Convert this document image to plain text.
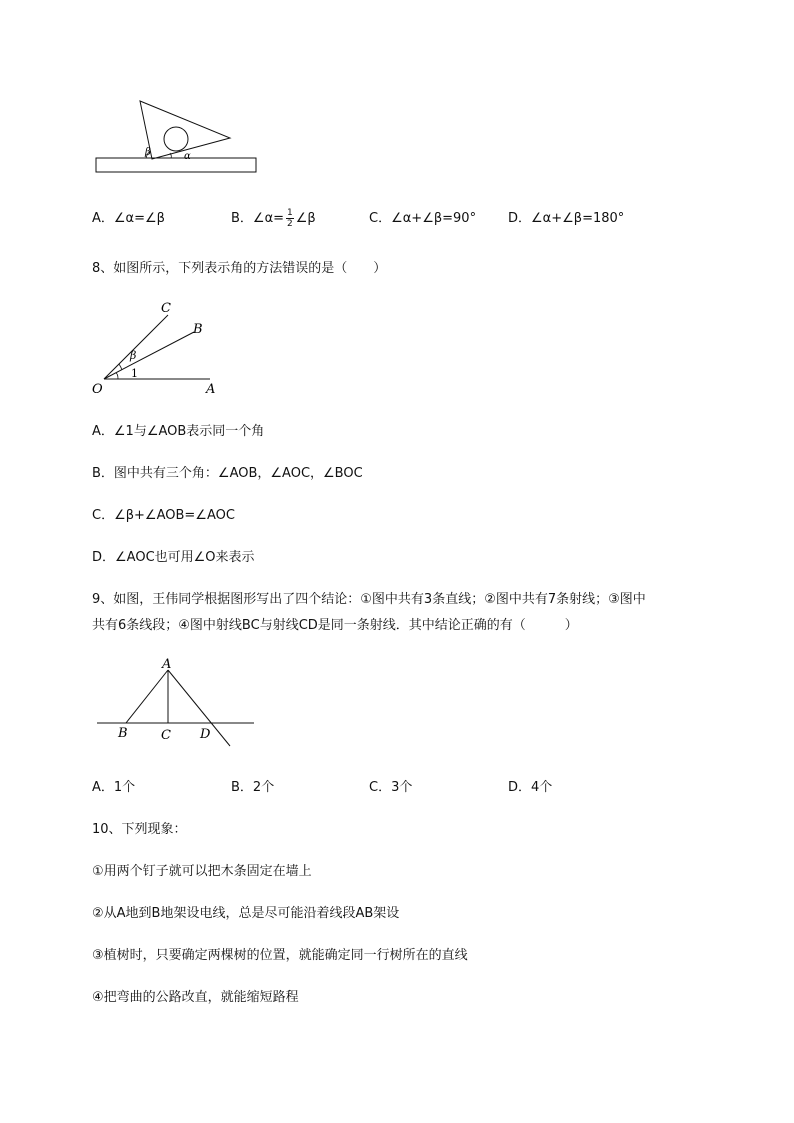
β	α
A．∠α=∠β	B．∠α= $\frac{1}{2}$ ∠β	C．∠α+∠β=90° D．∠α+∠β=180°
8、如图所示，下列表示角的方法错误的是（　　）
C
B
O	A
β
1
A．∠1与∠AOB表示同一个角
B．图中共有三个角：∠AOB，∠AOC，∠BOC
C．∠β+∠AOB=∠AOC
D．∠AOC也可用∠O来表示
9、如图，王伟同学根据图形写出了四个结论：①图中共有3条直线；②图中共有7条射线；③图中
共有6条线段；④图中射线BC与射线CD是同一条射线．其中结论正确的有（　　　）
A
B	C D
A．1个	B．2个	C．3个	D．4个
10、下列现象：
①用两个钉子就可以把木条固定在墙上
②从A地到B地架设电线，总是尽可能沿着线段AB架设
③植树时，只要确定两棵树的位置，就能确定同一行树所在的直线
④把弯曲的公路改直，就能缩短路程
